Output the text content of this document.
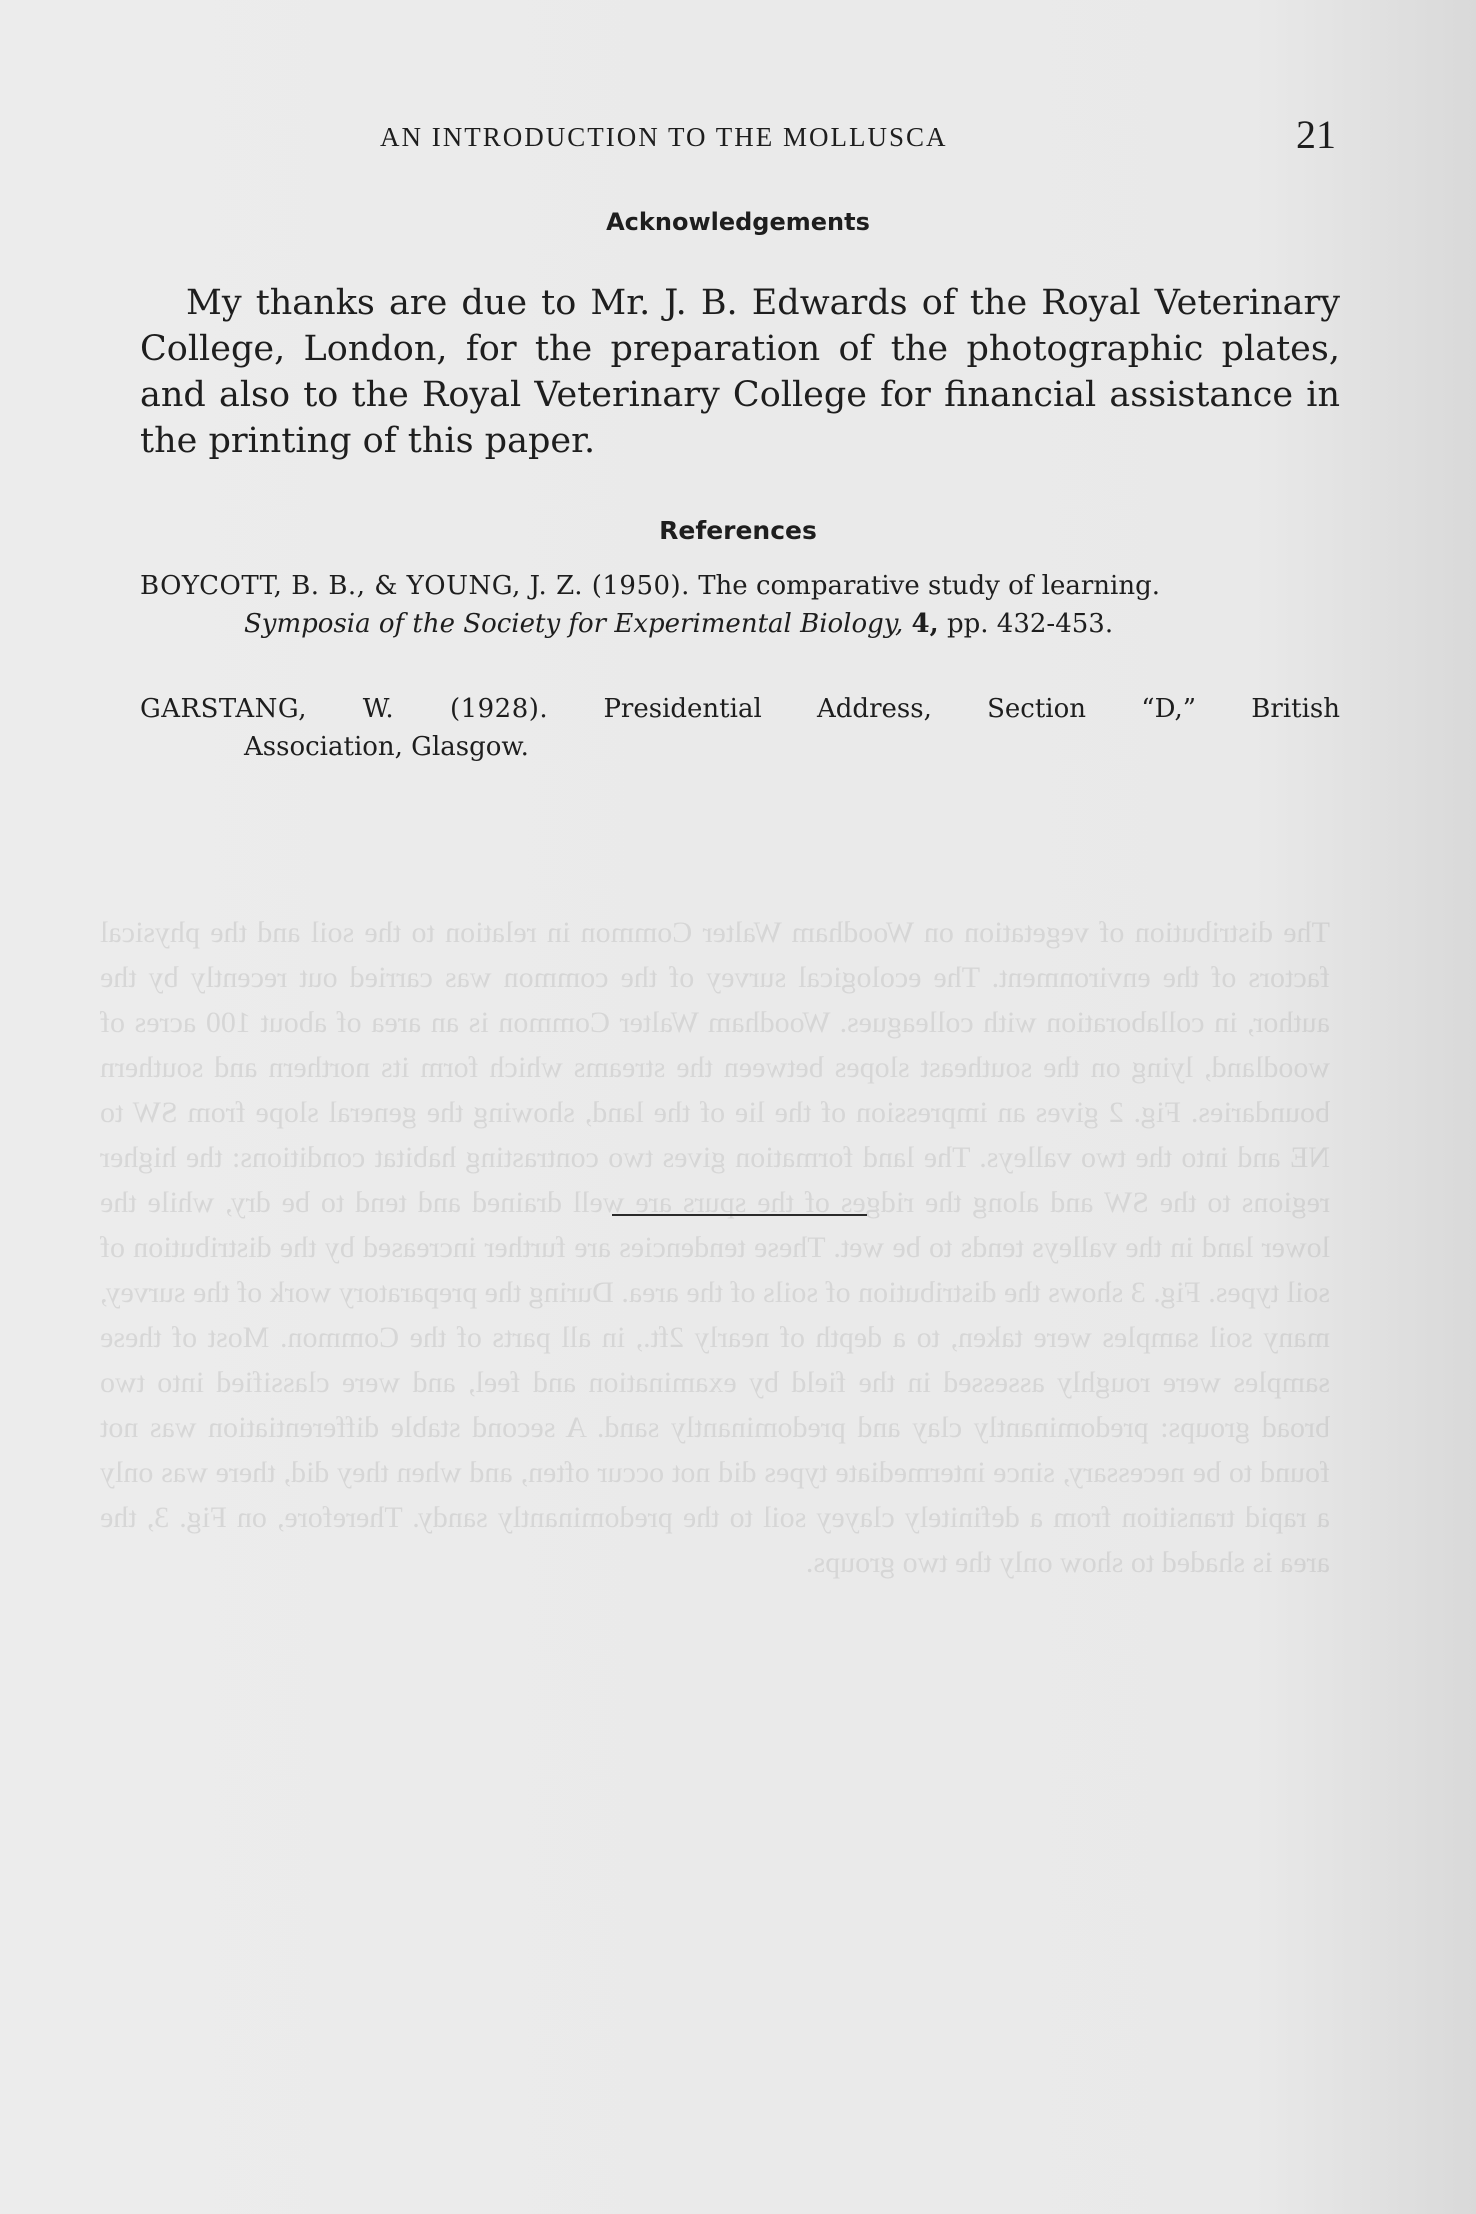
The distribution of vegetation on Woodham Walter Common in relation to the soil and the physical factors of the environment. The ecological survey of the common was carried out recently by the author, in collaboration with colleagues. Woodham Walter Common is an area of about 100 acres of woodland, lying on the southeast slopes between the streams which form its northern and southern boundaries. Fig. 2 gives an impression of the lie of the land, showing the general slope from SW to NE and into the two valleys. The land formation gives two contrasting habitat conditions: the higher regions to the SW and along the ridges of the spurs are well drained and tend to be dry, while the lower land in the valleys tends to be wet. These tendencies are further increased by the distribution of soil types. Fig. 3 shows the distribution of soils of the area. During the preparatory work of the survey, many soil samples were taken, to a depth of nearly 2ft., in all parts of the Common. Most of these samples were roughly assessed in the field by examination and feel, and were classified into two broad groups: predominantly clay and predominantly sand. A second stable differentiation was not found to be necessary, since intermediate types did not occur often, and when they did, there was only a rapid transition from a definitely clayey soil to the predominantly sandy. Therefore, on Fig. 3, the area is shaded to show only the two groups.
AN INTRODUCTION TO THE MOLLUSCA	21
Acknowledgements

My thanks are due to Mr. J. B. Edwards of the Royal Veterinary College, London, for the preparation of the photographic plates, and also to the Royal Veterinary College for financial assistance in the printing of this paper.

References
BOYCOTT, B. B., & YOUNG, J. Z. (1950). The comparative study of learning.
Symposia of the Society for Experimental Biology, 4, pp. 432-453.
GARSTANG, W. (1928). Presidential Address, Section “D,” British
Association, Glasgow.
